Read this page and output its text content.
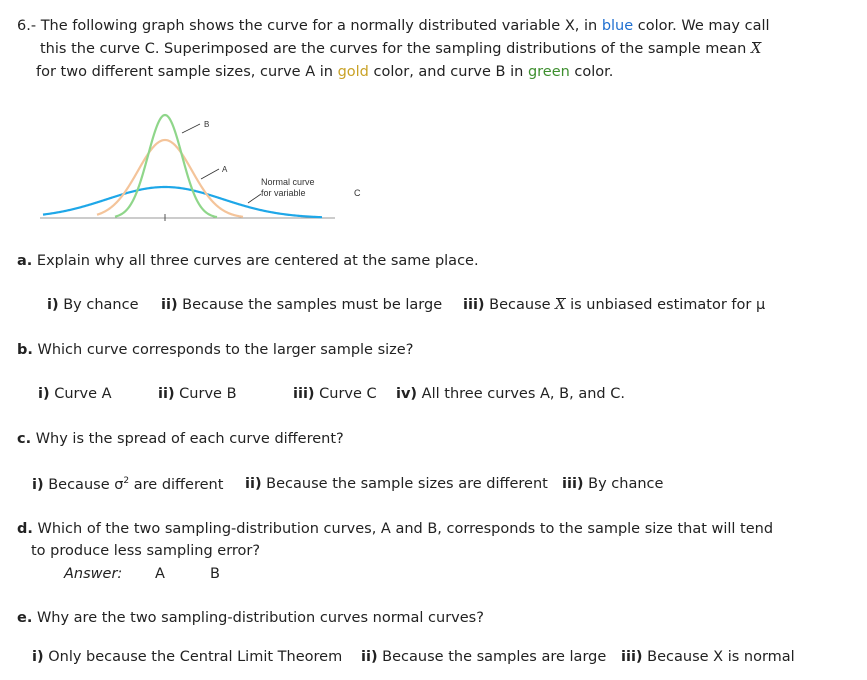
6.- The following graph shows the curve for a normally distributed variable X, in blue color. We may call
this the curve C. Superimposed are the curves for the sampling distributions of the sample mean X
for two different sample sizes, curve A in gold color, and curve B in green color.
B
A
Normal curve
for variable	C
a. Explain why all three curves are centered at the same place.
i) By chance ii) Because the samples must be large iii) Because X is unbiased estimator for μ
b. Which curve corresponds to the larger sample size?
i) Curve A	ii) Curve B	iii) Curve C iv) All three curves A, B, and C.
c. Why is the spread of each curve different?
i) Because $\sigma^2$ are different ii) Because the sample sizes are different iii) By chance
d. Which of the two sampling-distribution curves, A and B, corresponds to the sample size that will tend
to produce less sampling error?
Answer: A	B
e. Why are the two sampling-distribution curves normal curves?
i) Only because the Central Limit Theorem ii) Because the samples are large iii) Because X is normal
